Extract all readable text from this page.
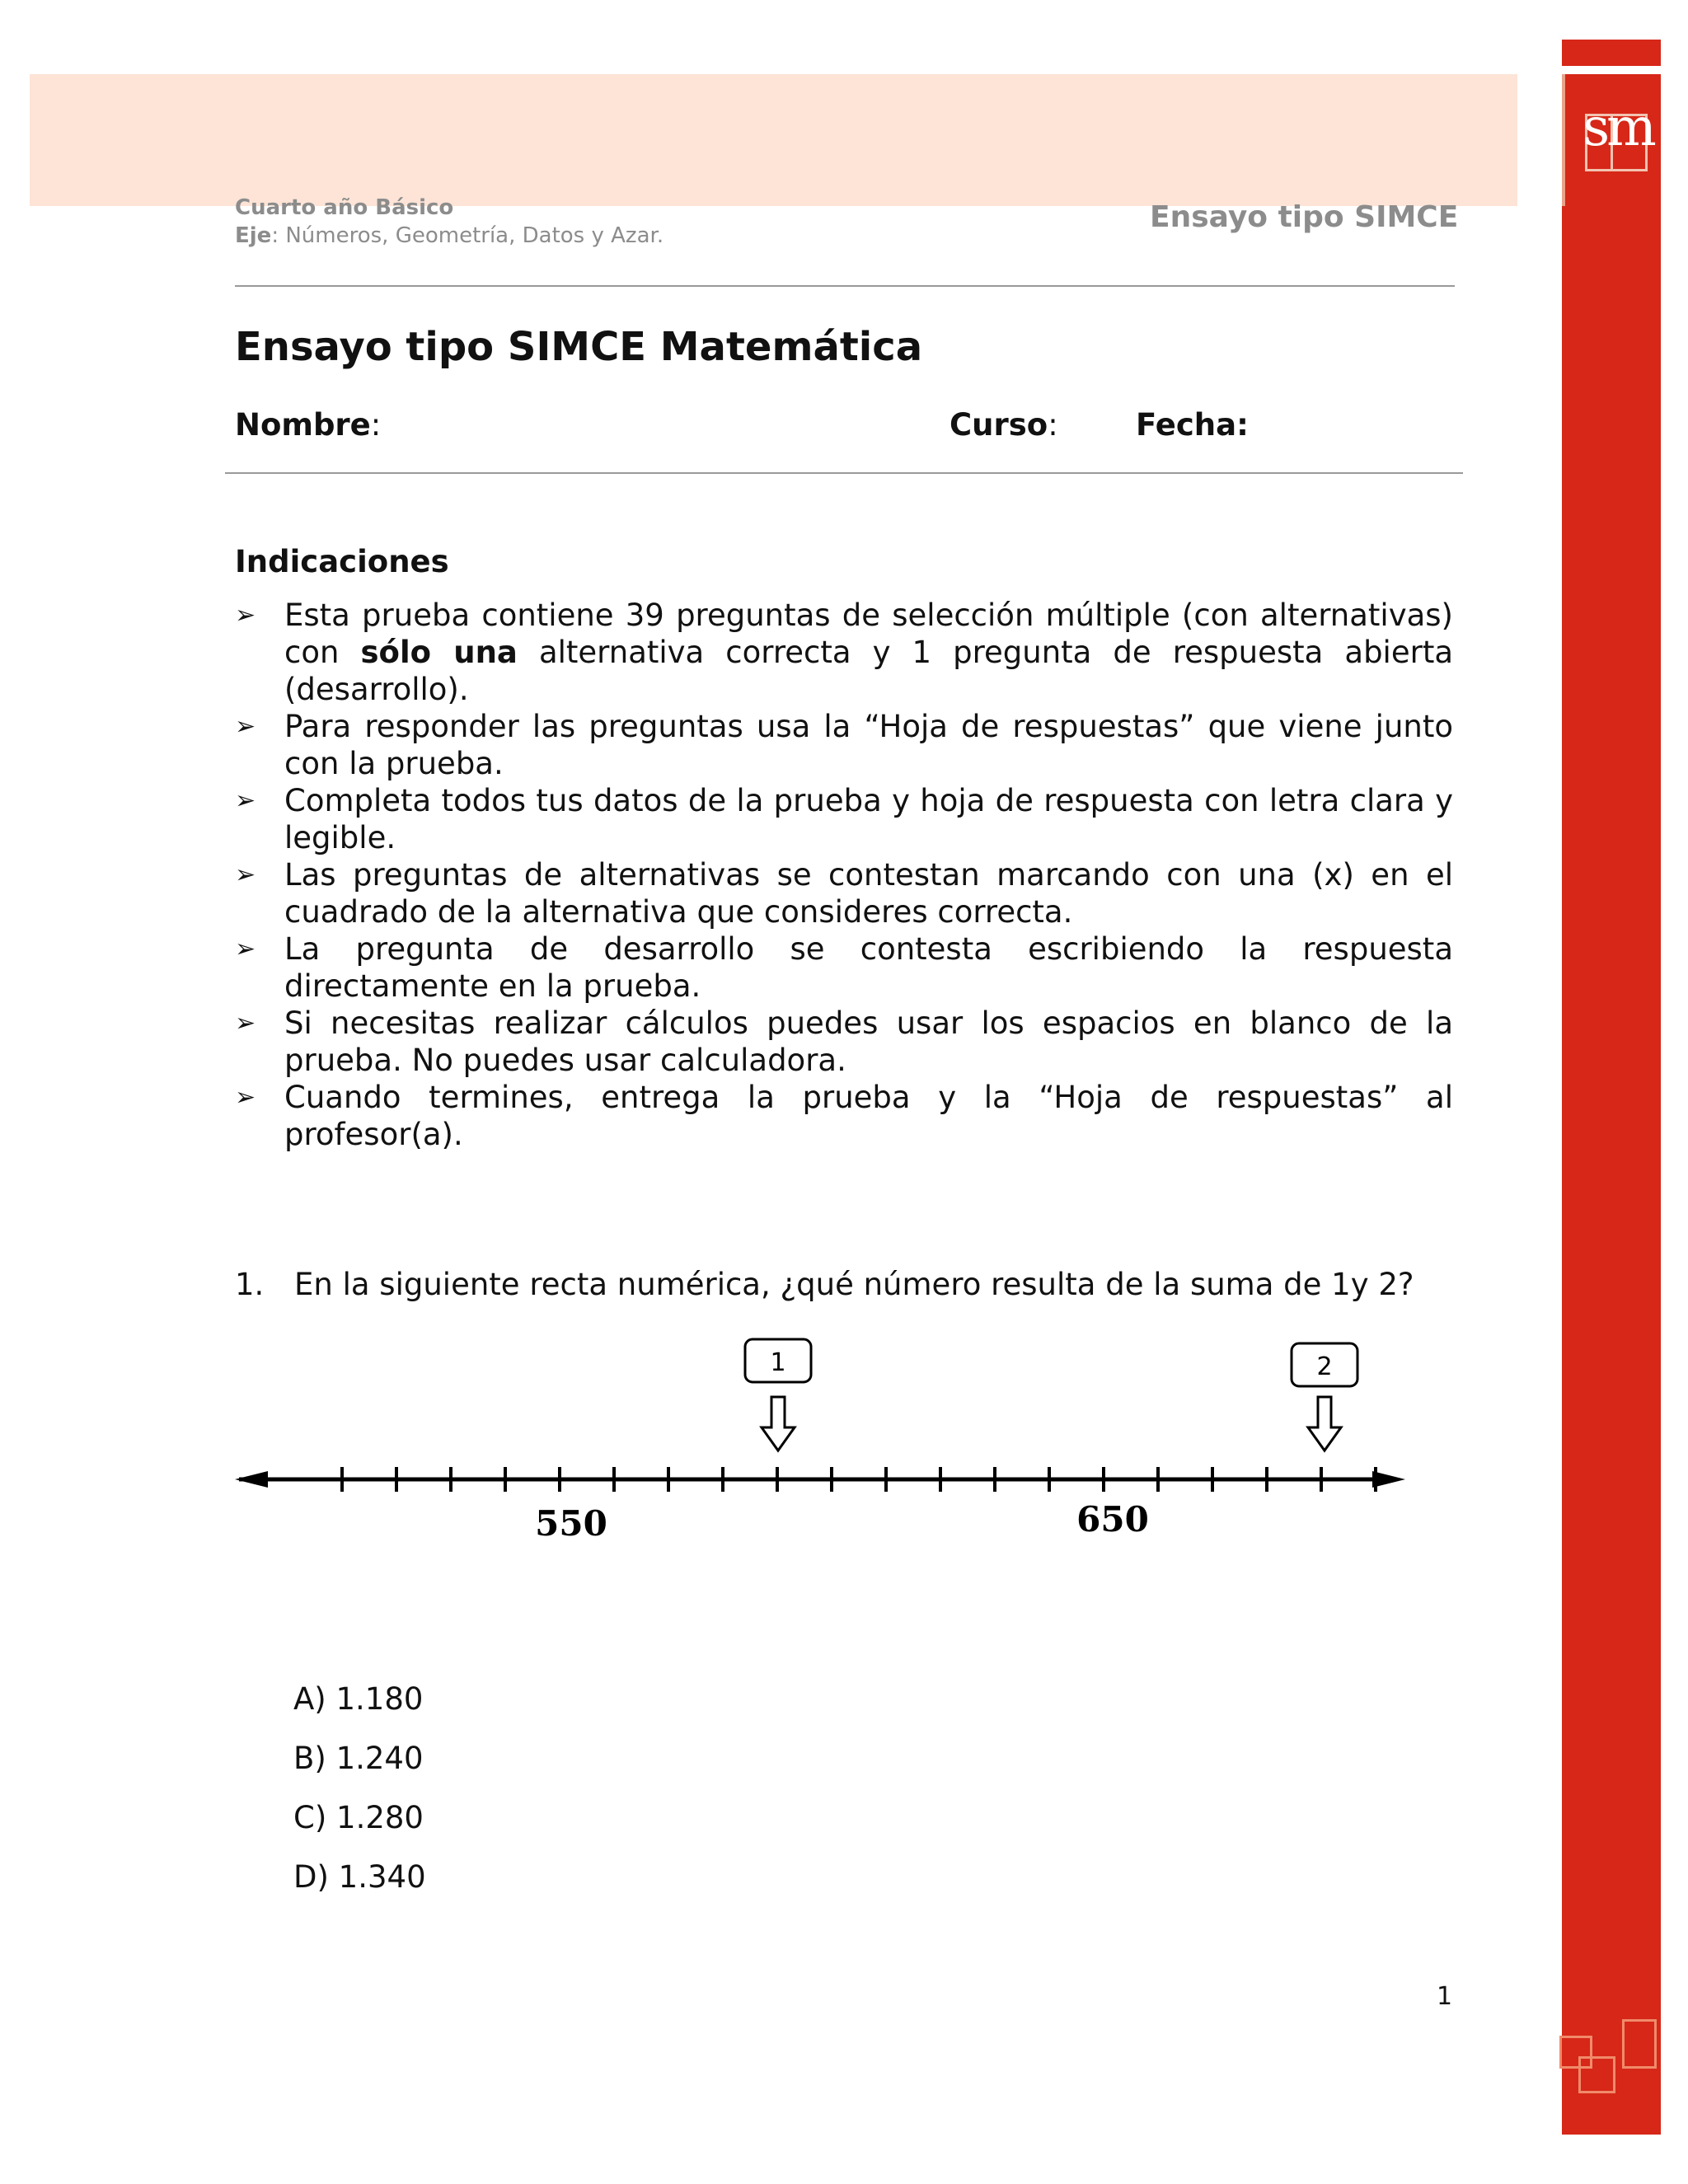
sm
Cuarto año Básico
Eje: Números, Geometría, Datos y Azar.
Ensayo tipo SIMCE
Ensayo tipo SIMCE Matemática
Nombre:	Curso:	Fecha:
Indicaciones
➢ Esta prueba contiene 39 preguntas de selección múltiple (con alternativas) con sólo una alternativa correcta y 1 pregunta de respuesta abierta (desarrollo).
➢ Para responder las preguntas usa la “Hoja de respuestas” que viene junto con la prueba.
➢ Completa todos tus datos de la prueba y hoja de respuesta con letra clara y legible.
➢ Las preguntas de alternativas se contestan marcando con una (x) en el cuadrado de la alternativa que consideres correcta.
➢ La pregunta de desarrollo se contesta escribiendo la respuesta directamente en la prueba.
➢ Si necesitas realizar cálculos puedes usar los espacios en blanco de la prueba. No puedes usar calculadora.
➢ Cuando termines, entrega la prueba y la “Hoja de respuestas” al profesor(a).
1. En la siguiente recta numérica, ¿qué número resulta de la suma de 1y 2?
1	2
550	650
A) 1.180
B) 1.240
C) 1.280
D) 1.340
1
